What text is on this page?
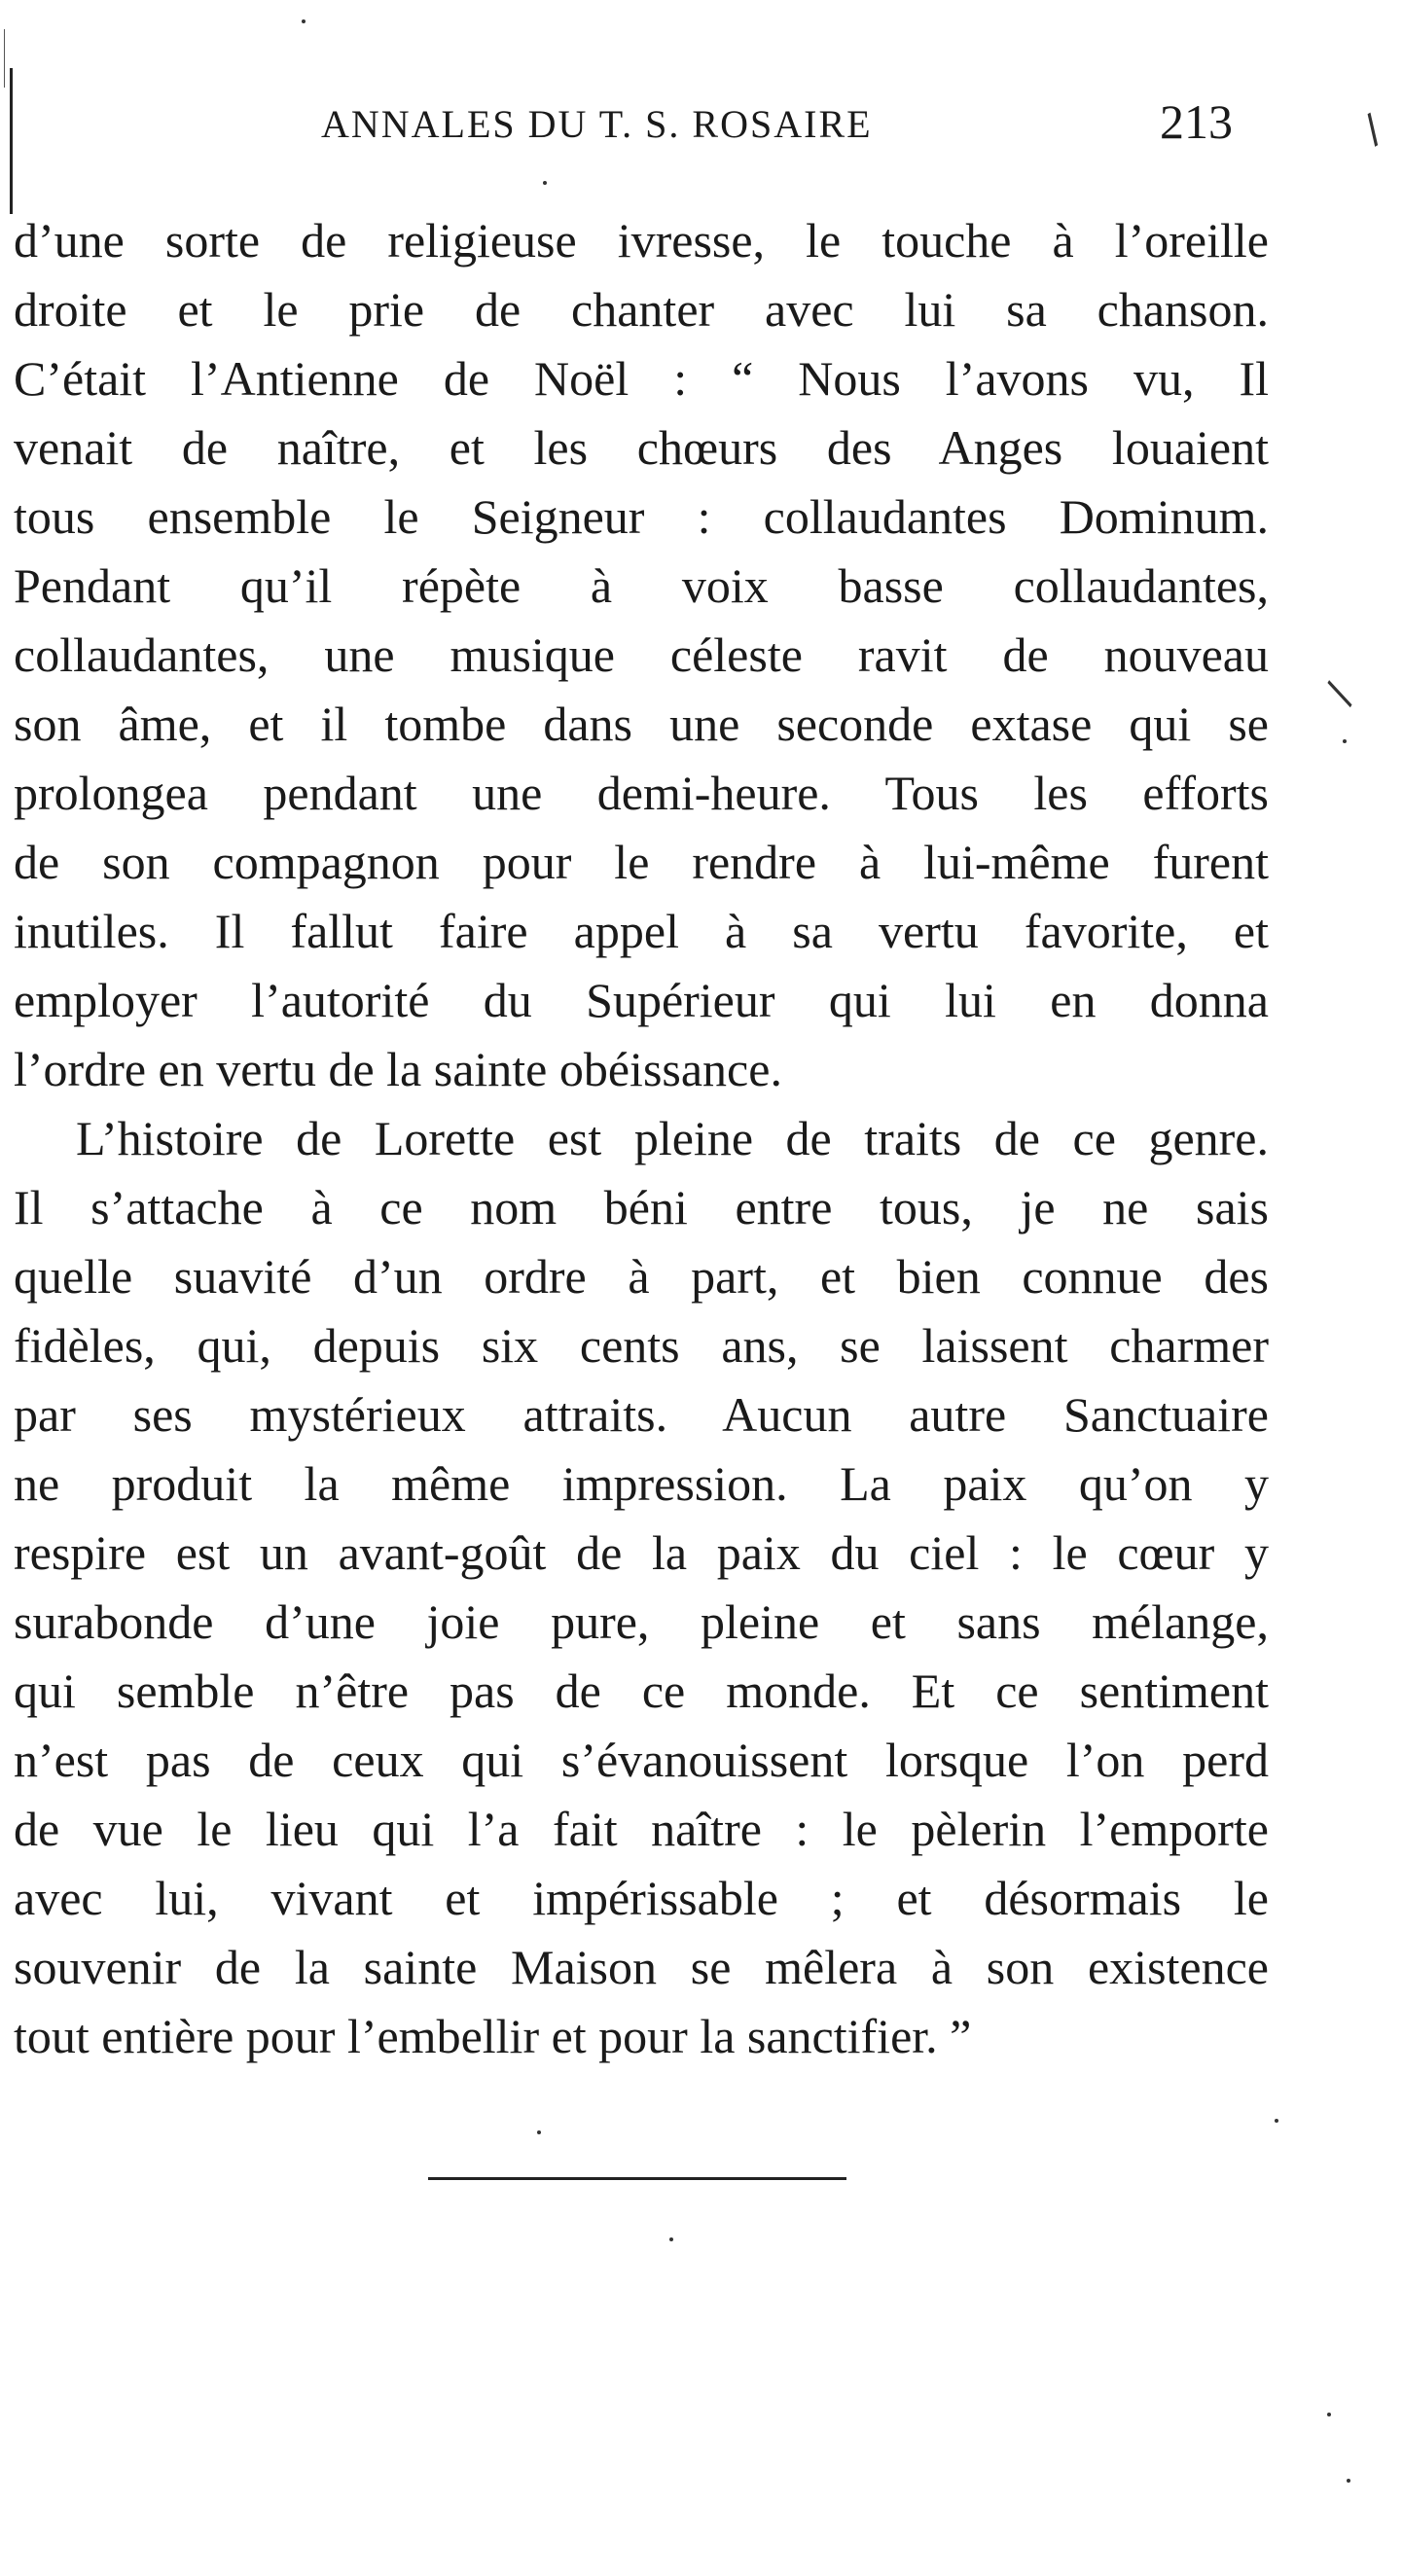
ANNALES DU T. S. ROSAIRE	213
d’une sorte de religieuse ivresse, le touche à l’oreille
droite et le prie de chanter avec lui sa chanson.
C’était l’Antienne de Noël : “ Nous l’avons vu, Il
venait de naître, et les chœurs des Anges louaient
tous ensemble le Seigneur : collaudantes Dominum.
Pendant qu’il répète à voix basse collaudantes,
collaudantes, une musique céleste ravit de nouveau
son âme, et il tombe dans une seconde extase qui se
prolongea pendant une demi-heure. Tous les efforts
de son compagnon pour le rendre à lui-même furent
inutiles. Il fallut faire appel à sa vertu favorite, et
employer l’autorité du Supérieur qui lui en donna
l’ordre en vertu de la sainte obéissance.
L’histoire de Lorette est pleine de traits de ce genre.
Il s’attache à ce nom béni entre tous, je ne sais
quelle suavité d’un ordre à part, et bien connue des
fidèles, qui, depuis six cents ans, se laissent charmer
par ses mystérieux attraits. Aucun autre Sanctuaire
ne produit la même impression. La paix qu’on y
respire est un avant-goût de la paix du ciel : le cœur y
surabonde d’une joie pure, pleine et sans mélange,
qui semble n’être pas de ce monde. Et ce sentiment
n’est pas de ceux qui s’évanouissent lorsque l’on perd
de vue le lieu qui l’a fait naître : le pèlerin l’emporte
avec lui, vivant et impérissable ; et désormais le
souvenir de la sainte Maison se mêlera à son existence
tout entière pour l’embellir et pour la sanctifier. ”
/
/
